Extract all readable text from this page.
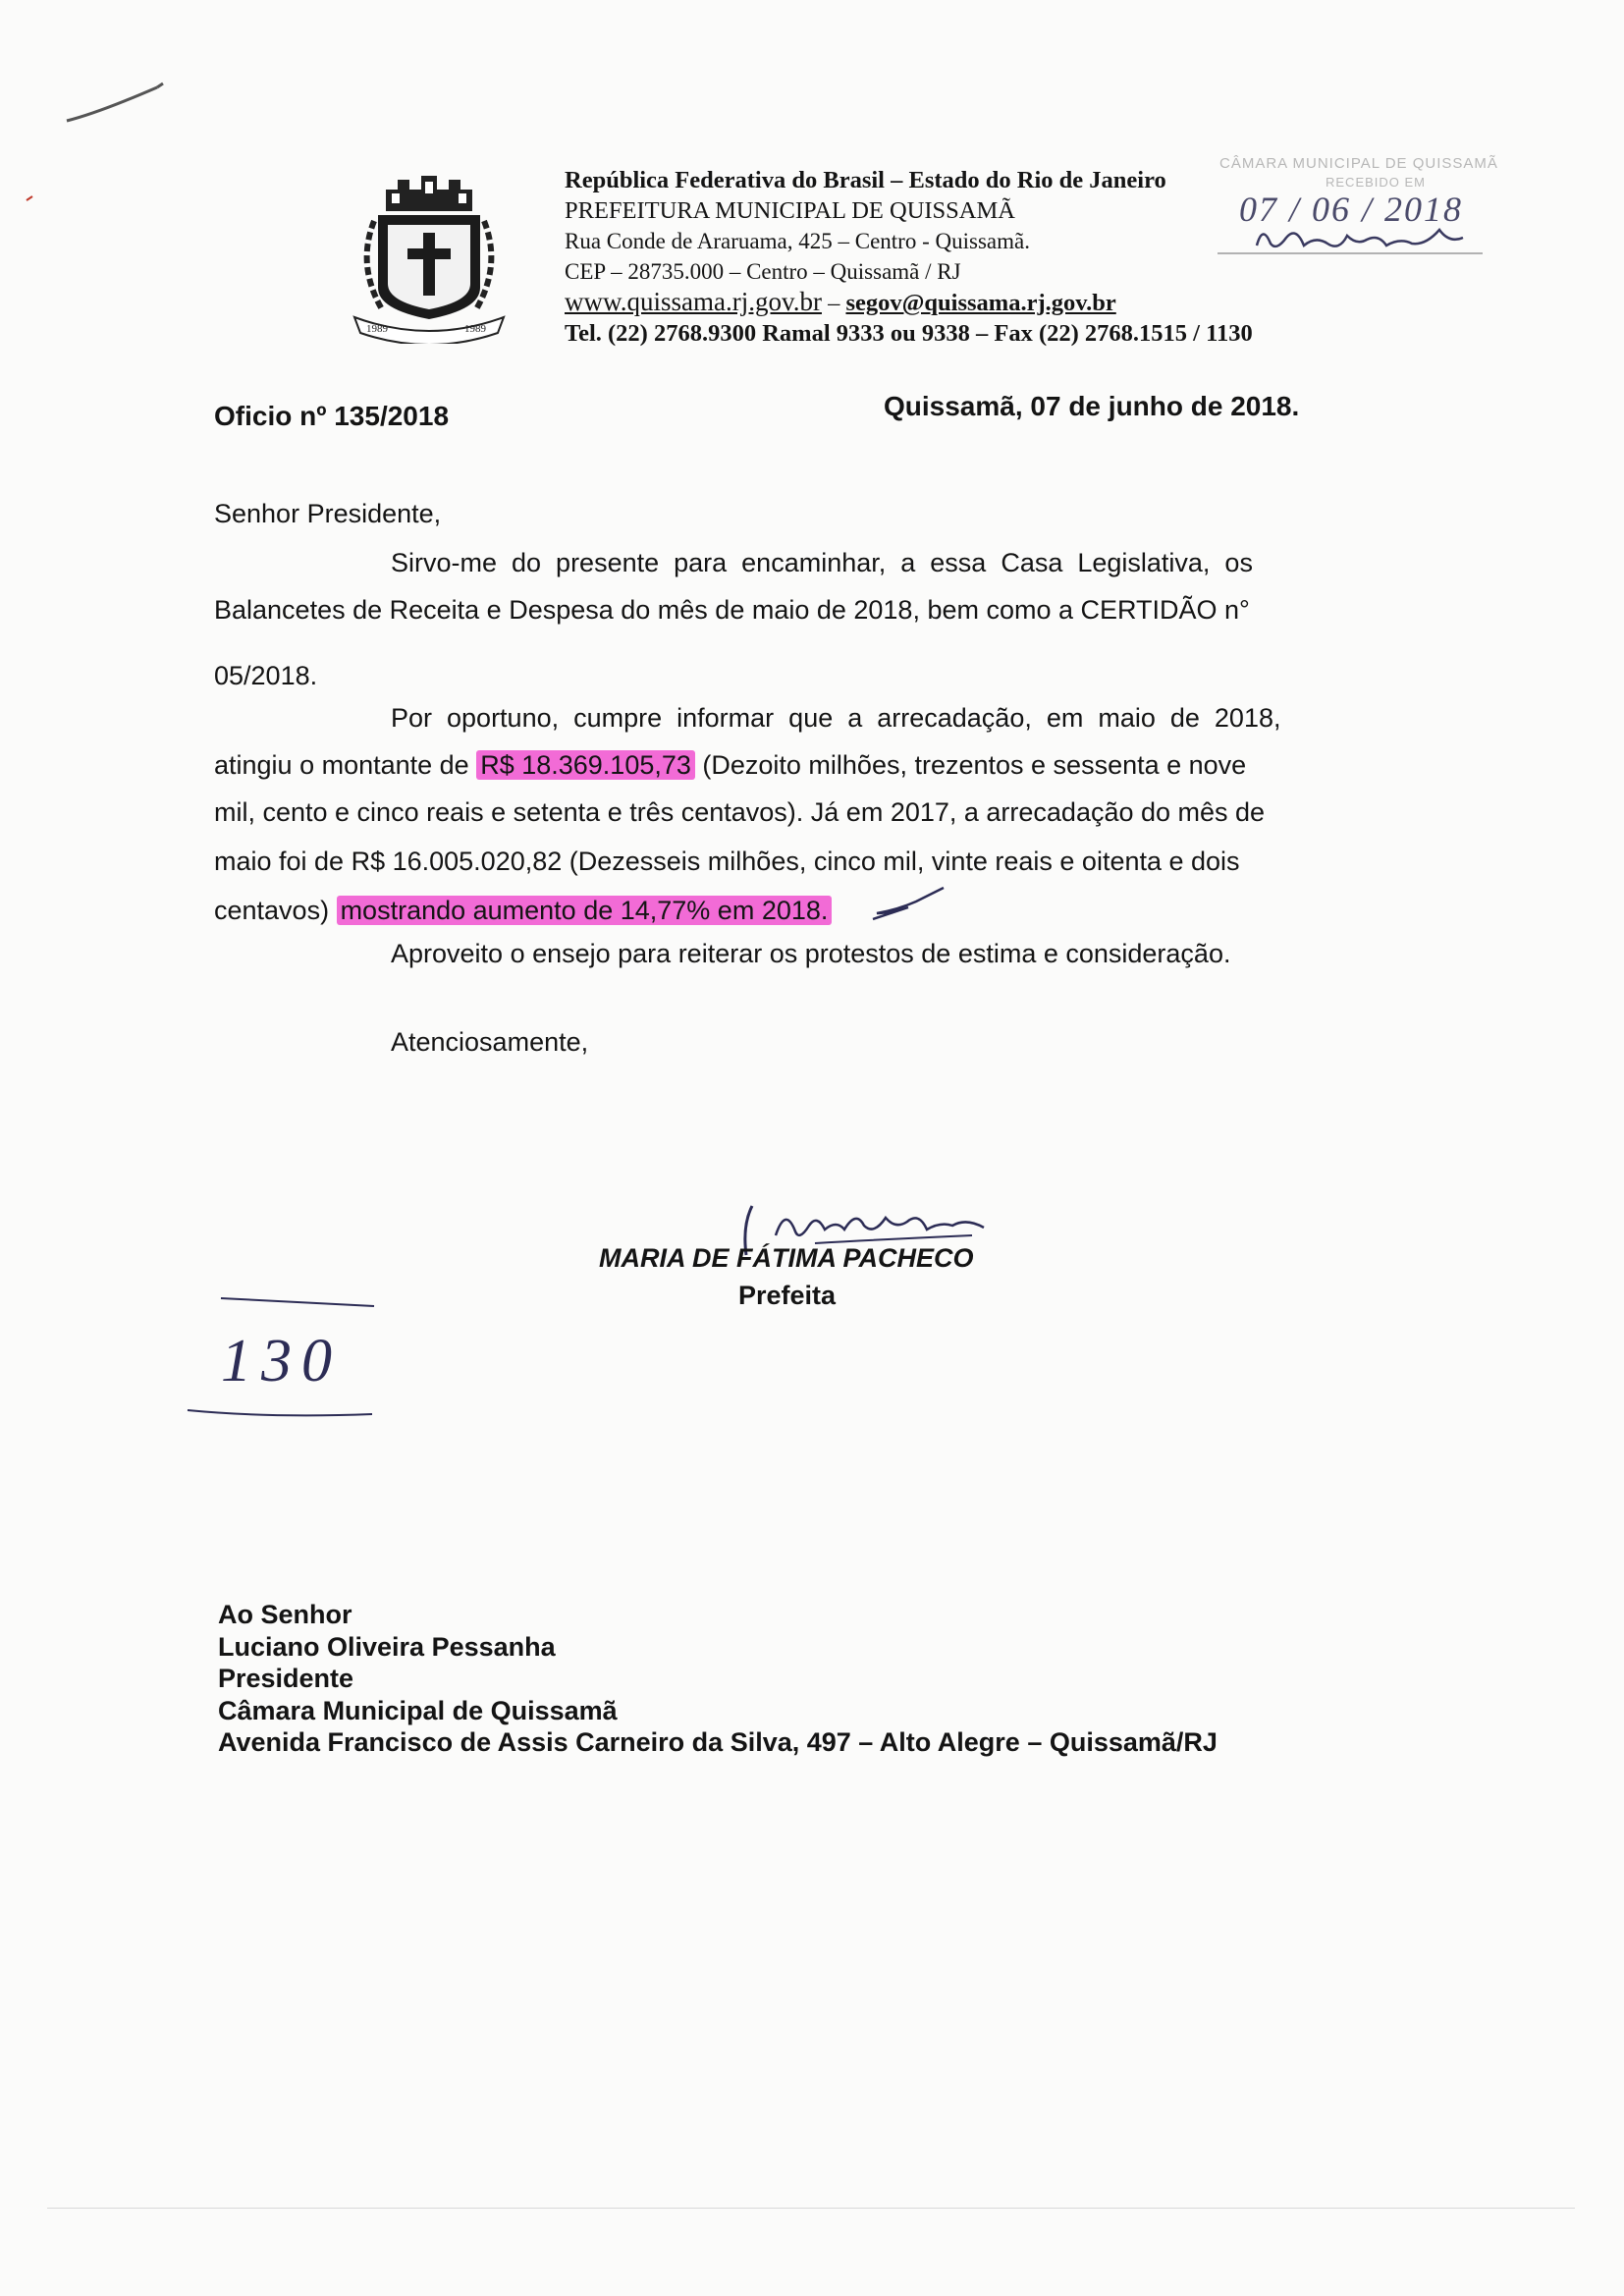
1989	1989
República Federativa do Brasil – Estado do Rio de Janeiro
PREFEITURA MUNICIPAL DE QUISSAMÃ
Rua Conde de Araruama, 425 – Centro - Quissamã.
CEP – 28735.000 – Centro – Quissamã / RJ
www.quissama.rj.gov.br – segov@quissama.rj.gov.br
Tel. (22) 2768.9300 Ramal 9333 ou 9338 – Fax (22) 2768.1515 / 1130
CÂMARA MUNICIPAL DE QUISSAMÃ
RECEBIDO EM
07 / 06 / 2018
Oficio nº 135/2018	Quissamã, 07 de junho de 2018.
Senhor Presidente,
Sirvo-me  do  presente  para  encaminhar,  a  essa  Casa  Legislativa,  os
Balancetes de Receita e Despesa do mês de maio de 2018, bem como a CERTIDÃO n°
05/2018.
Por  oportuno,  cumpre  informar  que  a  arrecadação,  em  maio  de  2018,
atingiu o montante de R$ 18.369.105,73 (Dezoito milhões, trezentos e sessenta e nove
mil, cento e cinco reais e setenta e três centavos). Já em 2017, a arrecadação do mês de
maio foi de R$ 16.005.020,82 (Dezesseis milhões, cinco mil, vinte reais e oitenta e dois
centavos) mostrando aumento de 14,77% em 2018.
Aproveito o ensejo para reiterar os protestos de estima e consideração.
Atenciosamente,
MARIA DE FÁTIMA PACHECO
Prefeita
130
Ao Senhor
Luciano Oliveira Pessanha
Presidente
Câmara Municipal de Quissamã
Avenida Francisco de Assis Carneiro da Silva, 497 – Alto Alegre – Quissamã/RJ
